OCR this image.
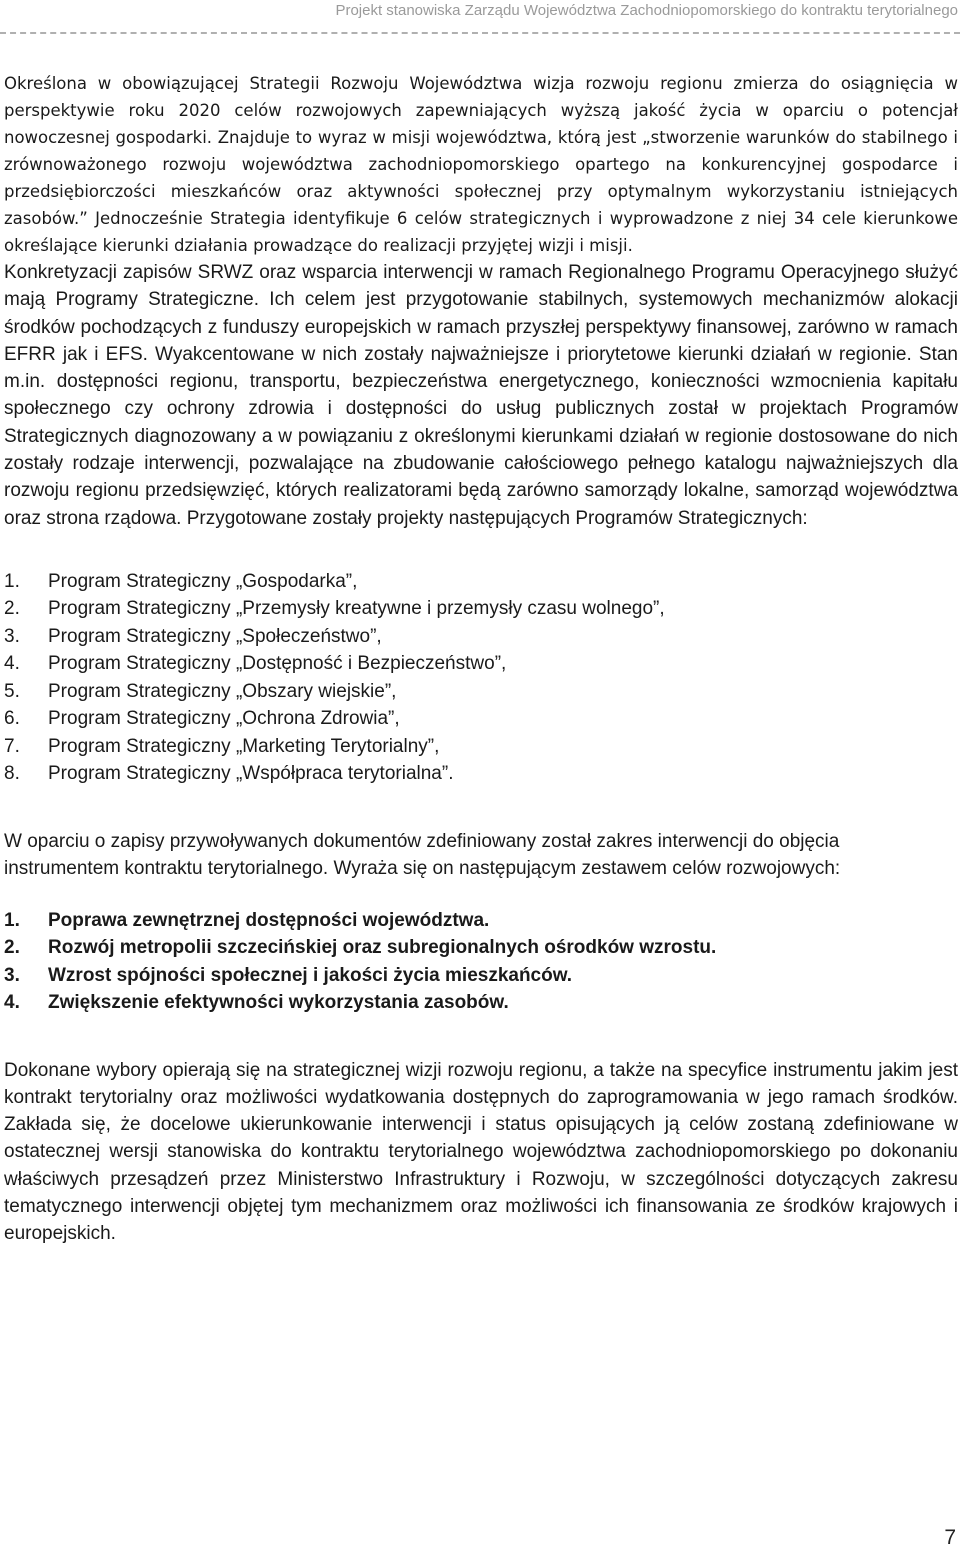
Projekt stanowiska Zarządu Województwa Zachodniopomorskiego do kontraktu terytorialnego

Określona w obowiązującej Strategii Rozwoju Województwa wizja rozwoju regionu zmierza do osiągnięcia w perspektywie roku 2020 celów rozwojowych zapewniających wyższą jakość życia w oparciu o potencjał nowoczesnej gospodarki. Znajduje to wyraz w misji województwa, którą jest „stworzenie warunków do stabilnego i zrównoważonego rozwoju województwa zachodniopomorskiego opartego na konkurencyjnej gospodarce i przedsiębiorczości mieszkańców oraz aktywności społecznej przy optymalnym wykorzystaniu istniejących zasobów.” Jednocześnie Strategia identyfikuje 6 celów strategicznych i wyprowadzone z niej 34 cele kierunkowe określające kierunki działania prowadzące do realizacji przyjętej wizji i misji.

Konkretyzacji zapisów SRWZ oraz wsparcia interwencji w ramach Regionalnego Programu Operacyjnego służyć mają Programy Strategiczne. Ich celem jest przygotowanie stabilnych, systemowych mechanizmów alokacji środków pochodzących z funduszy europejskich w ramach przyszłej perspektywy finansowej, zarówno w ramach EFRR jak i EFS. Wyakcentowane w nich zostały najważniejsze i priorytetowe kierunki działań w regionie. Stan m.in. dostępności regionu, transportu, bezpieczeństwa energetycznego, konieczności wzmocnienia kapitału społecznego czy ochrony zdrowia i dostępności do usług publicznych został w projektach Programów Strategicznych diagnozowany a w powiązaniu z określonymi kierunkami działań w regionie dostosowane do nich zostały rodzaje interwencji, pozwalające na zbudowanie całościowego pełnego katalogu najważniejszych dla rozwoju regionu przedsięwzięć, których realizatorami będą zarówno samorządy lokalne, samorząd województwa oraz strona rządowa. Przygotowane zostały projekty następujących Programów Strategicznych:

1.	Program Strategiczny „Gospodarka”,
2.	Program Strategiczny „Przemysły kreatywne i przemysły czasu wolnego”,
3.	Program Strategiczny „Społeczeństwo”,
4.	Program Strategiczny „Dostępność i Bezpieczeństwo”,
5.	Program Strategiczny „Obszary wiejskie”,
6.	Program Strategiczny „Ochrona Zdrowia”,
7.	Program Strategiczny „Marketing Terytorialny”,
8.	Program Strategiczny „Współpraca terytorialna”.

W oparciu o zapisy przywoływanych dokumentów zdefiniowany został zakres interwencji do objęcia instrumentem kontraktu terytorialnego. Wyraża się on następującym zestawem celów rozwojowych:

1.	Poprawa zewnętrznej dostępności województwa.
2.	Rozwój metropolii szczecińskiej oraz subregionalnych ośrodków wzrostu.
3.	Wzrost spójności społecznej i jakości życia mieszkańców.
4.	Zwiększenie efektywności wykorzystania zasobów.

Dokonane wybory opierają się na strategicznej wizji rozwoju regionu, a także na specyfice instrumentu jakim jest kontrakt terytorialny oraz możliwości wydatkowania dostępnych do zaprogramowania w jego ramach środków. Zakłada się, że docelowe ukierunkowanie interwencji i status opisujących ją celów zostaną zdefiniowane w ostatecznej wersji stanowiska do kontraktu terytorialnego województwa zachodniopomorskiego po dokonaniu właściwych przesądzeń przez Ministerstwo Infrastruktury i Rozwoju, w szczególności dotyczących zakresu tematycznego interwencji objętej tym mechanizmem oraz możliwości ich finansowania ze środków krajowych i europejskich.

7
